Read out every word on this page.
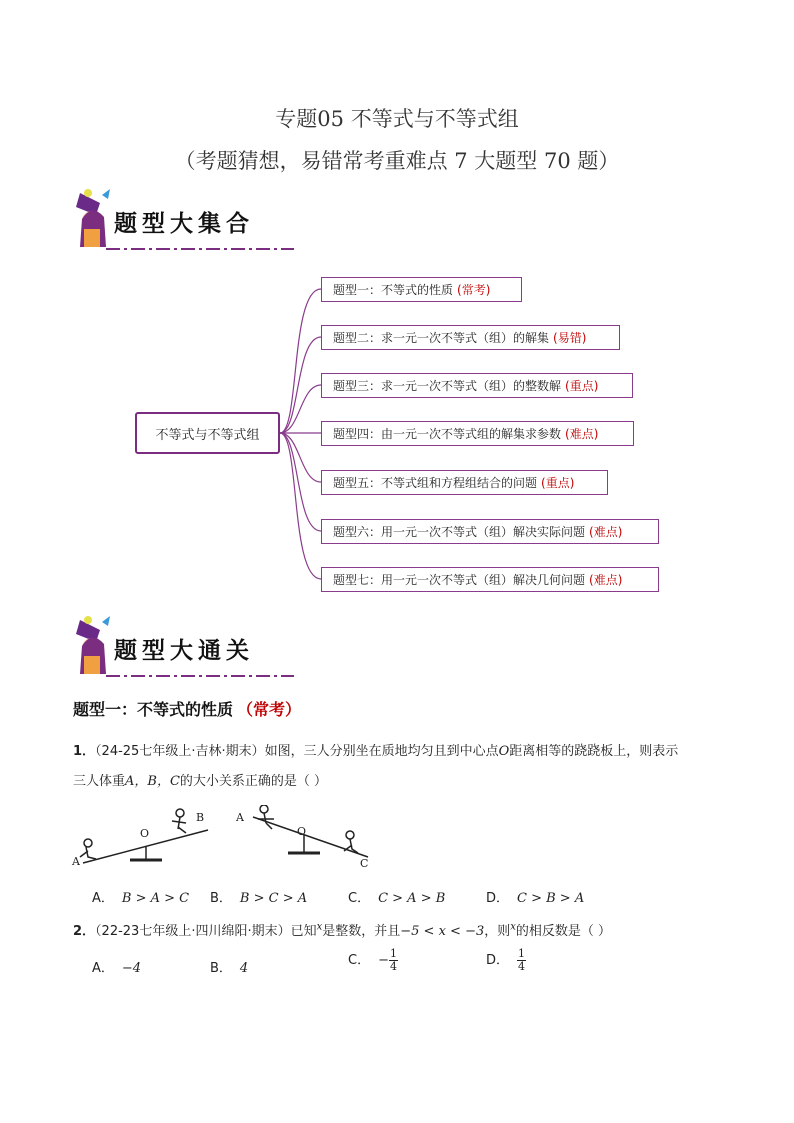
专题05 不等式与不等式组
（考题猜想，易错常考重难点 7 大题型 70 题）
题型大集合
不等式与不等式组
题型一：不等式的性质 (常考)
题型二：求一元一次不等式（组）的解集 (易错)
题型三：求一元一次不等式（组）的整数解 (重点)
题型四：由一元一次不等式组的解集求参数 (难点)
题型五：不等式组和方程组结合的问题 (重点)
题型六：用一元一次不等式（组）解决实际问题 (难点)
题型七：用一元一次不等式（组）解决几何问题 (难点)
题型大通关
题型一：不等式的性质 （常考）
1．（24-25七年级上·吉林·期末）如图，三人分别坐在质地均匀且到中心点O距离相等的跷跷板上，则表示
三人体重A，B，C的大小关系正确的是（ ）
A
B
O
A
O
C
A． B > A > C B． B > C > A	C． C > A > B	D． C > B > A
2．（22-23七年级上·四川绵阳·期末）已知$^x$是整数，并且−5 < x < −3，则$^x$的相反数是（ ）
A． −4	B． 4
C． − $\frac{1}{4}$	D． $\frac{1}{4}$
